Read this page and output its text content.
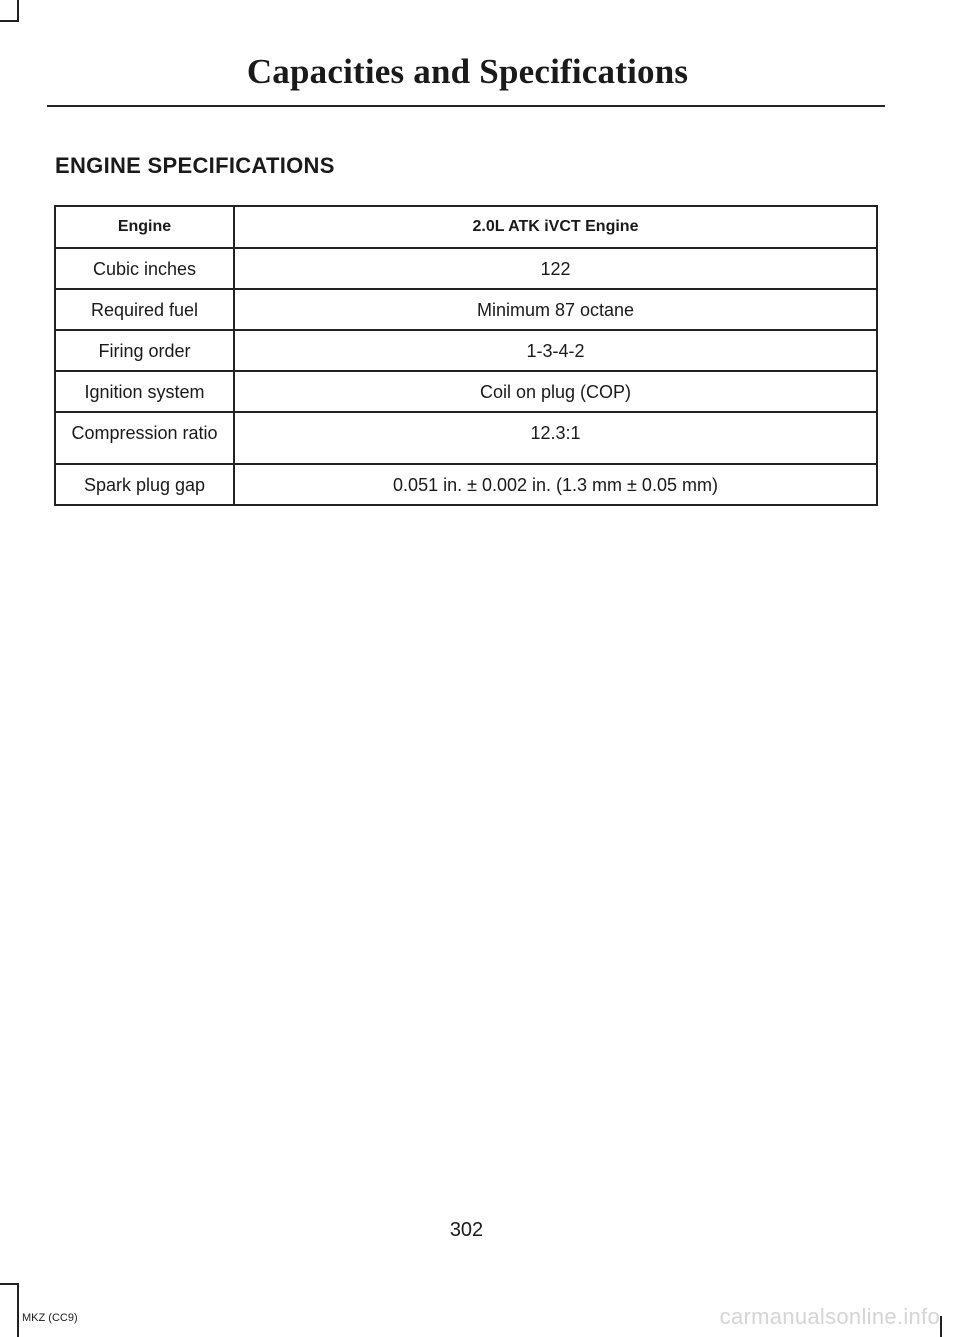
Capacities and Specifications
ENGINE SPECIFICATIONS
Engine	2.0L ATK iVCT Engine
Cubic inches	122
Required fuel	Minimum 87 octane
Firing order	1-3-4-2
Ignition system	Coil on plug (COP)
Compression ratio	12.3:1
Spark plug gap	0.051 in. ± 0.002 in. (1.3 mm ± 0.05 mm)
302
MKZ (CC9)	carmanualsonline.info
